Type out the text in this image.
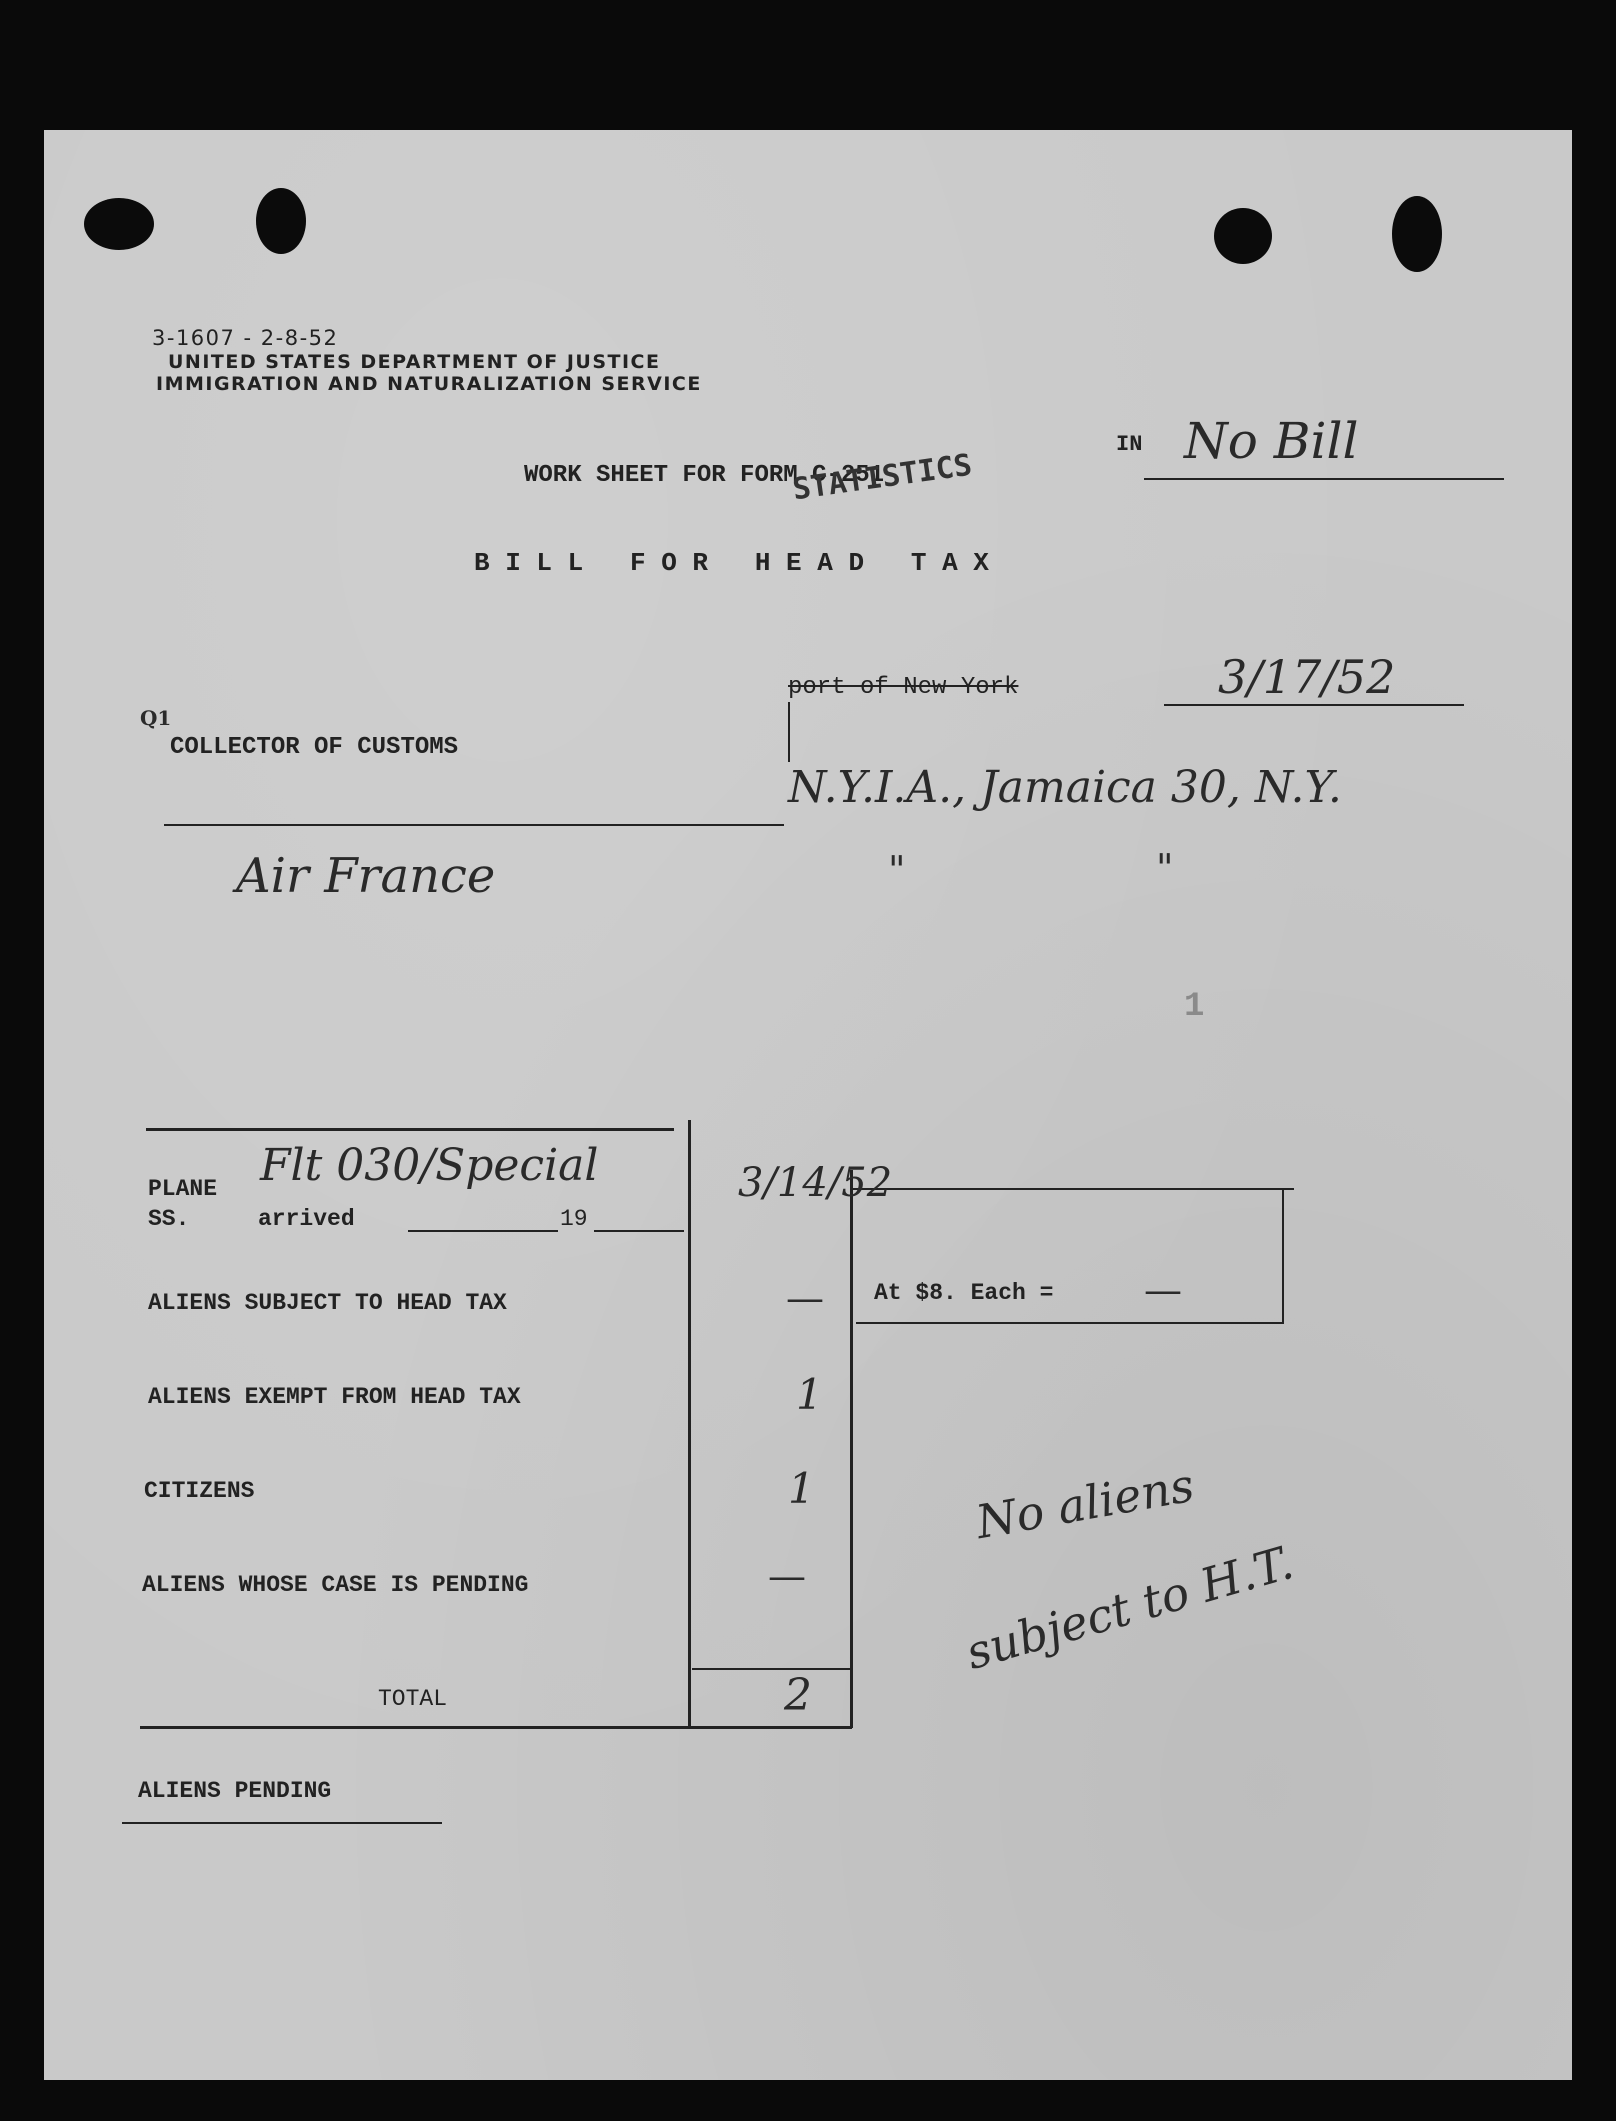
3-1607 - 2-8-52
UNITED STATES DEPARTMENT OF JUSTICE
IMMIGRATION AND NATURALIZATION SERVICE
IN No Bill
WORK SHEET FOR FORM C-251
STATISTICS
B I L L   F O R   H E A D   T A X
port of New York	3/17/52
Q1
COLLECTOR OF CUSTOMS
N.Y.I.A., Jamaica 30, N.Y.
"	"
Air France
1
PLANE
SS.	arrived	19
Flt 030/Special	3/14/52
ALIENS SUBJECT TO HEAD TAX	— At $8. Each = —
ALIENS EXEMPT FROM HEAD TAX	1
CITIZENS	1
ALIENS WHOSE CASE IS PENDING	—
TOTAL	2
No aliens
subject to H.T.
ALIENS PENDING
